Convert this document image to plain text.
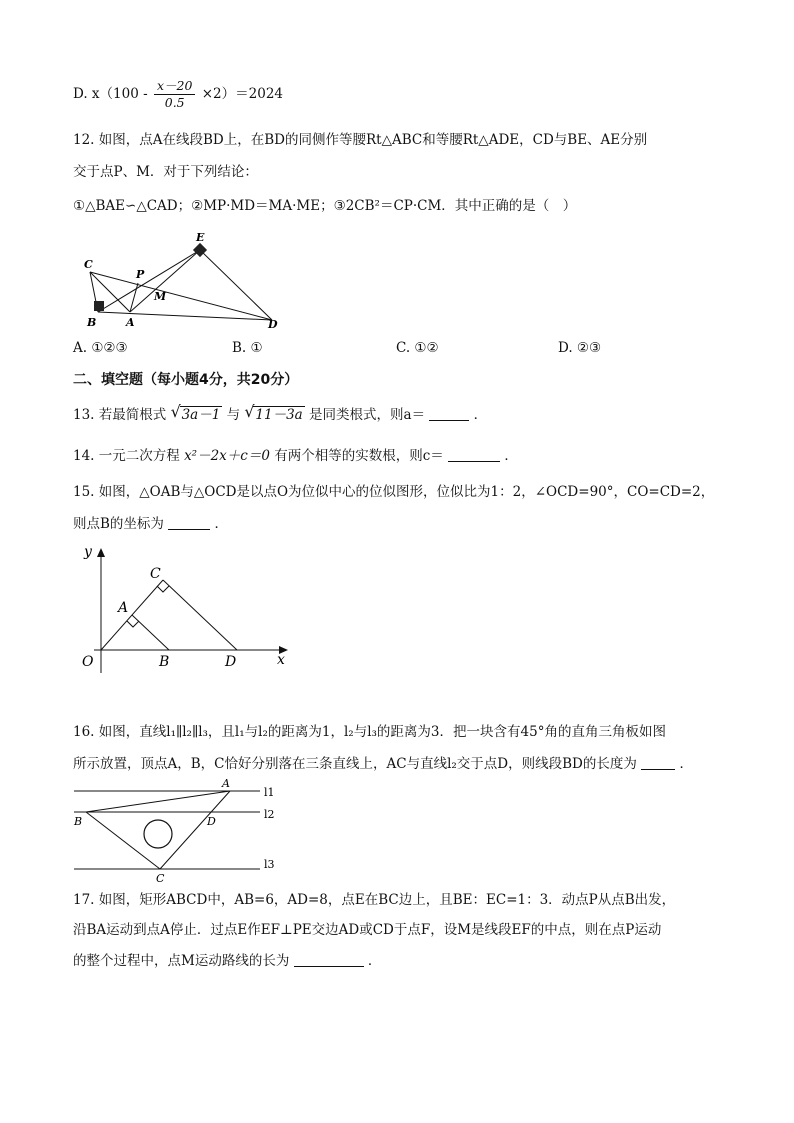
D. $x(100 - \frac{x-20}{0.5} \times 2)=2024$
12. 如图，点A在线段BD上，在BD的同侧作等腰Rt△ABC和等腰Rt△ADE，CD与BE、AE分别
交于点P、M．对于下列结论：
①△BAE∽△CAD；②MP·MD＝MA·ME；③2CB²＝CP·CM．其中正确的是（　）
C
P
E
M
B	A	D
A. ①②③	B. ①	C. ①②	D. ②③
二、填空题（每小题4分，共20分）
13. 若最简根式 √ 3a－1 与 √ 11－3a 是同类根式，则a＝	．
14. 一元二次方程 x²－2x＋c＝0 有两个相等的实数根，则c＝	．
15. 如图，△OAB与△OCD是以点O为位似中心的位似图形，位似比为1：2，∠OCD=90°，CO=CD=2，
则点B的坐标为	．
y
C
A
O	B	D	x
16. 如图，直线l₁∥l₂∥l₃，且l₁与l₂的距离为1，l₂与l₃的距离为3．把一块含有45°角的直角三角板如图
所示放置，顶点A，B，C恰好分别落在三条直线上，AC与直线l₂交于点D，则线段BD的长度为	．
A
l1
B	D
l2
l3
C
17. 如图，矩形ABCD中，AB=6，AD=8，点E在BC边上，且BE：EC=1：3．动点P从点B出发，
沿BA运动到点A停止．过点E作EF⊥PE交边AD或CD于点F，设M是线段EF的中点，则在点P运动
的整个过程中，点M运动路线的长为	．
